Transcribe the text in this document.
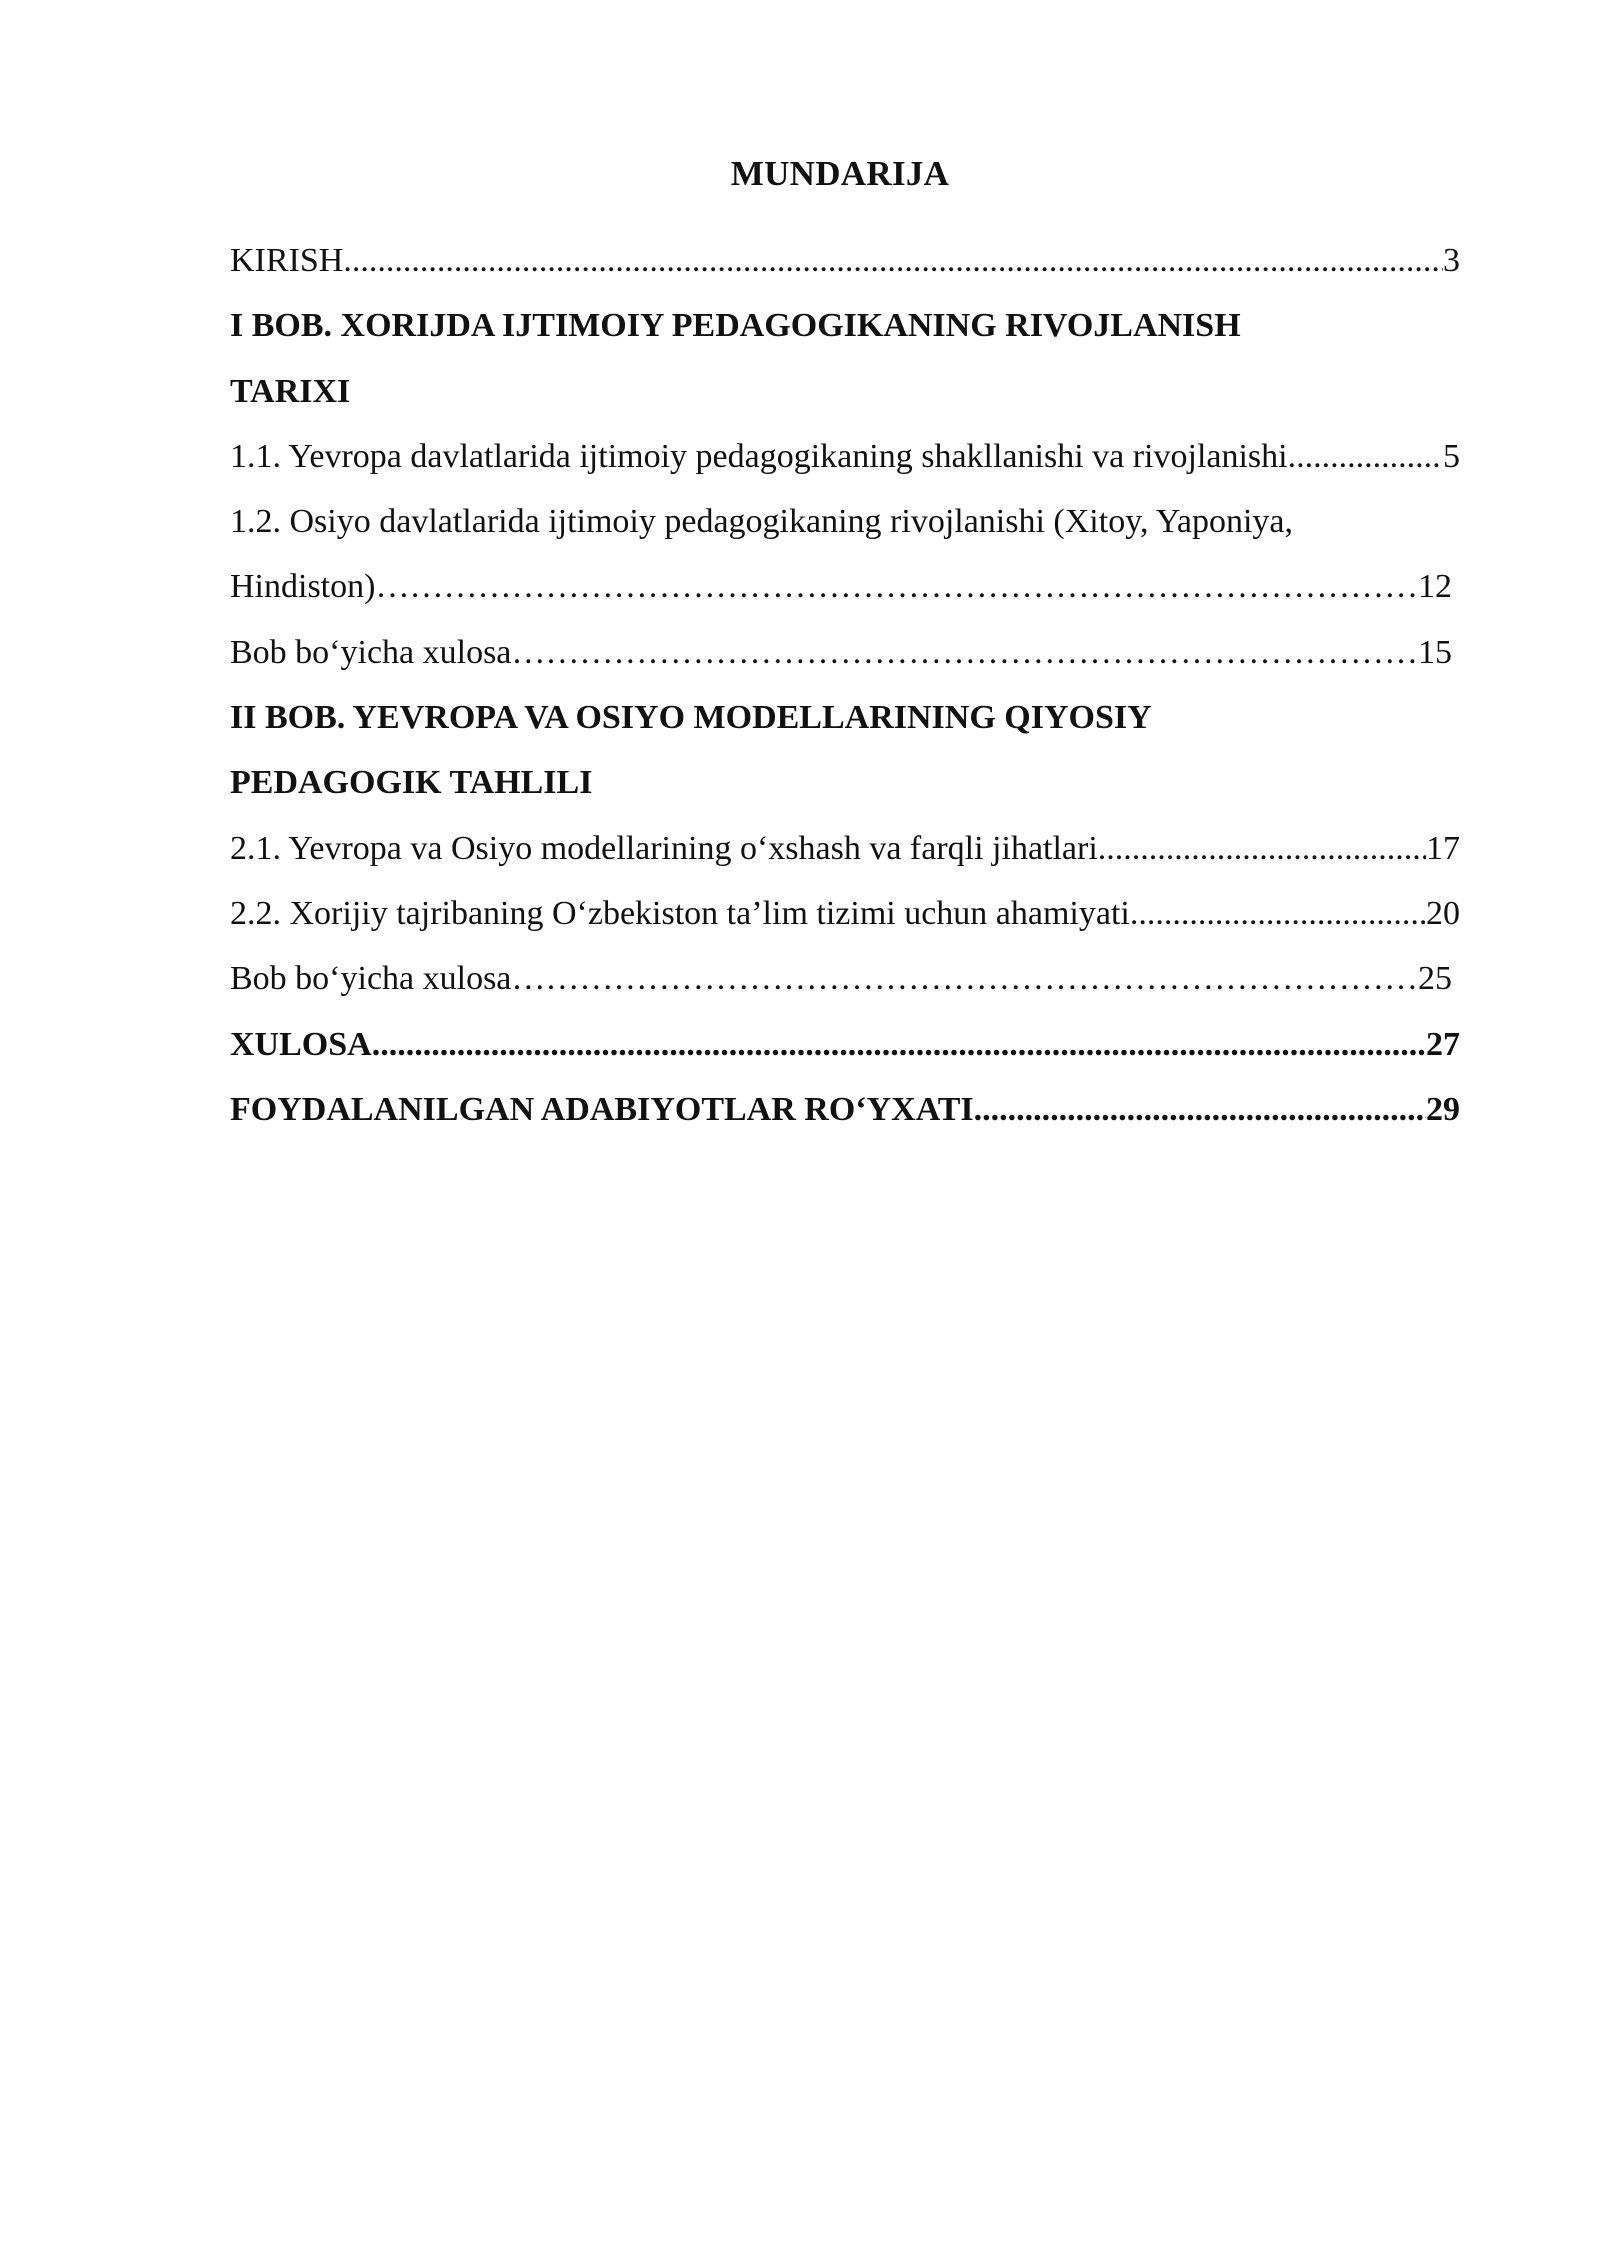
MUNDARIJA
KIRISH .....	3
I BOB. XORIJDA IJTIMOIY PEDAGOGIKANING RIVOJLANISH
TARIXI
1.1. Yevropa davlatlarida ijtimoiy pedagogikaning shakllanishi va rivojlanishi .....	5
1.2. Osiyo davlatlarida ijtimoiy pedagogikaning rivojlanishi (Xitoy, Yaponiya,
Hindiston) ………………………………………………………………………………………………………………………………………………………………………………………………………………………	12
Bob bo‘yicha xulosa ………………………………………………………………………………………………………………………………………………………………………………………………………………………	15
II BOB. YEVROPA VA OSIYO MODELLARINING QIYOSIY
PEDAGOGIK TAHLILI
2.1. Yevropa va Osiyo modellarining o‘xshash va farqli jihatlari .....	17
2.2. Xorijiy tajribaning O‘zbekiston ta’lim tizimi uchun ahamiyati .....	20
Bob bo‘yicha xulosa ………………………………………………………………………………………………………………………………………………………………………………………………………………………	25
XULOSA .....	27
FOYDALANILGAN ADABIYOTLAR RO‘YXATI .....	29
